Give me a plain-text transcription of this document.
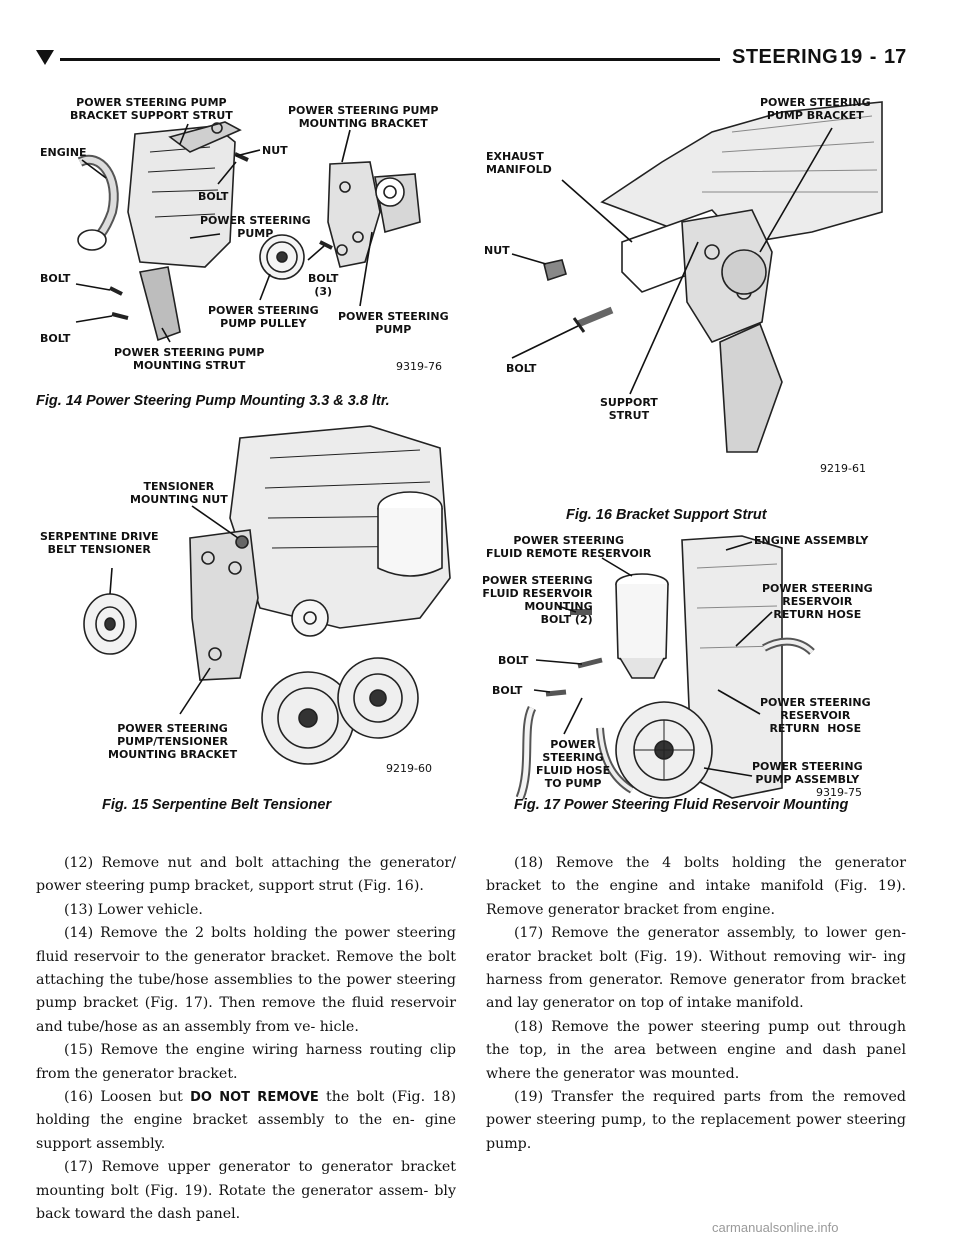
STEERING 19 - 17
POWER STEERING PUMP
BRACKET SUPPORT STRUT
ENGINE	NUT
POWER STEERING PUMP
MOUNTING BRACKET
BOLT
POWER STEERING
PUMP
BOLT	BOLT
(3)
POWER STEERING
PUMP PULLEY
POWER STEERING
PUMP
BOLT
POWER STEERING PUMP
MOUNTING STRUT	9319-76
Fig. 14 Power Steering Pump Mounting 3.3 & 3.8 ltr.
TENSIONER
MOUNTING NUT
SERPENTINE DRIVE
BELT TENSIONER
POWER STEERING
PUMP/TENSIONER
MOUNTING BRACKET
9219-60
Fig. 15 Serpentine Belt Tensioner
EXHAUST
MANIFOLD
POWER STEERING
PUMP BRACKET
NUT
BOLT
SUPPORT
STRUT
9219-61
Fig. 16 Bracket Support Strut
POWER STEERING
FLUID REMOTE RESERVOIR
ENGINE ASSEMBLY
POWER STEERING
FLUID RESERVOIR
MOUNTING
BOLT (2)
POWER STEERING
RESERVOIR
RETURN HOSE
BOLT
BOLT
POWER STEERING
RESERVOIR
RETURN  HOSE
POWER
STEERING
FLUID HOSE
TO PUMP
POWER STEERING
PUMP ASSEMBLY
9319-75
Fig. 17 Power Steering Fluid Reservoir Mounting

(12) Remove nut and bolt attaching the generator/ power steering pump bracket, support strut (Fig. 16).

(13) Lower vehicle.

(14) Remove the 2 bolts holding the power steering fluid reservoir to the generator bracket. Remove the bolt attaching the tube/hose assemblies to the power steering pump bracket (Fig. 17). Then remove the fluid reservoir and tube/hose as an assembly from ve- hicle.

(15) Remove the engine wiring harness routing clip from the generator bracket.

(16) Loosen but DO NOT REMOVE the bolt (Fig. 18) holding the engine bracket assembly to the en- gine support assembly.

(17) Remove upper generator to generator bracket mounting bolt (Fig. 19). Rotate the generator assem- bly back toward the dash panel.

(18) Remove the 4 bolts holding the generator bracket to the engine and intake manifold (Fig. 19). Remove generator bracket from engine.

(17) Remove the generator assembly, to lower gen- erator bracket bolt (Fig. 19). Without removing wir- ing harness from generator. Remove generator from bracket and lay generator on top of intake manifold.

(18) Remove the power steering pump out through the top, in the area between engine and dash panel where the generator was mounted.

(19) Transfer the required parts from the removed power steering pump, to the replacement power steering pump.

carmanualsonline.info
